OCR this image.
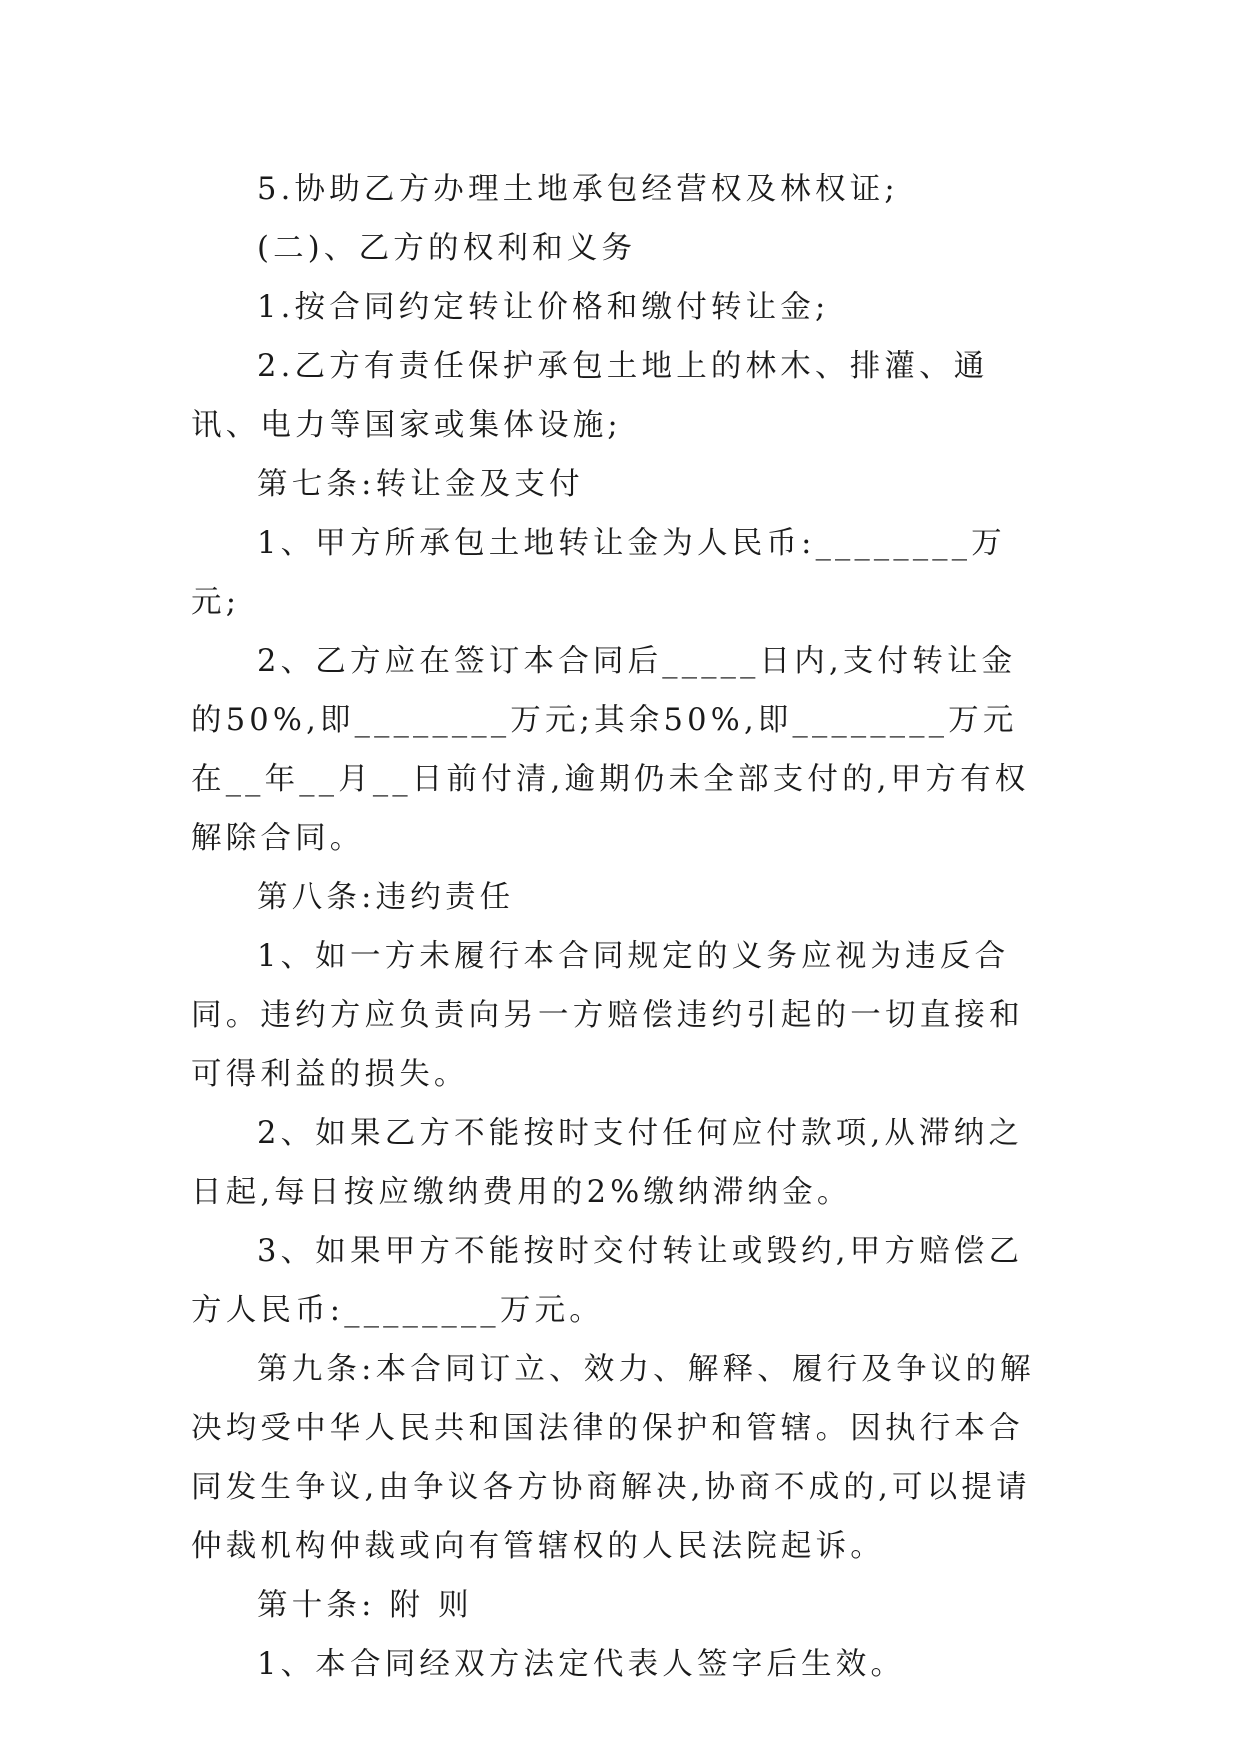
5.协助乙方办理土地承包经营权及林权证;

(二)、乙方的权利和义务

1.按合同约定转让价格和缴付转让金;

2.乙方有责任保护承包土地上的林木、排灌、通讯、电力等国家或集体设施;

第七条:转让金及支付

1、甲方所承包土地转让金为人民币:________万元;

2、乙方应在签订本合同后_____日内,支付转让金的50%,即________万元;其余50%,即________万元在__年__月__日前付清,逾期仍未全部支付的,甲方有权解除合同。

第八条:违约责任

1、如一方未履行本合同规定的义务应视为违反合同。违约方应负责向另一方赔偿违约引起的一切直接和可得利益的损失。

2、如果乙方不能按时支付任何应付款项,从滞纳之日起,每日按应缴纳费用的2%缴纳滞纳金。

3、如果甲方不能按时交付转让或毁约,甲方赔偿乙方人民币:________万元。

第九条:本合同订立、效力、解释、履行及争议的解决均受中华人民共和国法律的保护和管辖。因执行本合同发生争议,由争议各方协商解决,协商不成的,可以提请仲裁机构仲裁或向有管辖权的人民法院起诉。

第十条: 附 则

1、本合同经双方法定代表人签字后生效。
